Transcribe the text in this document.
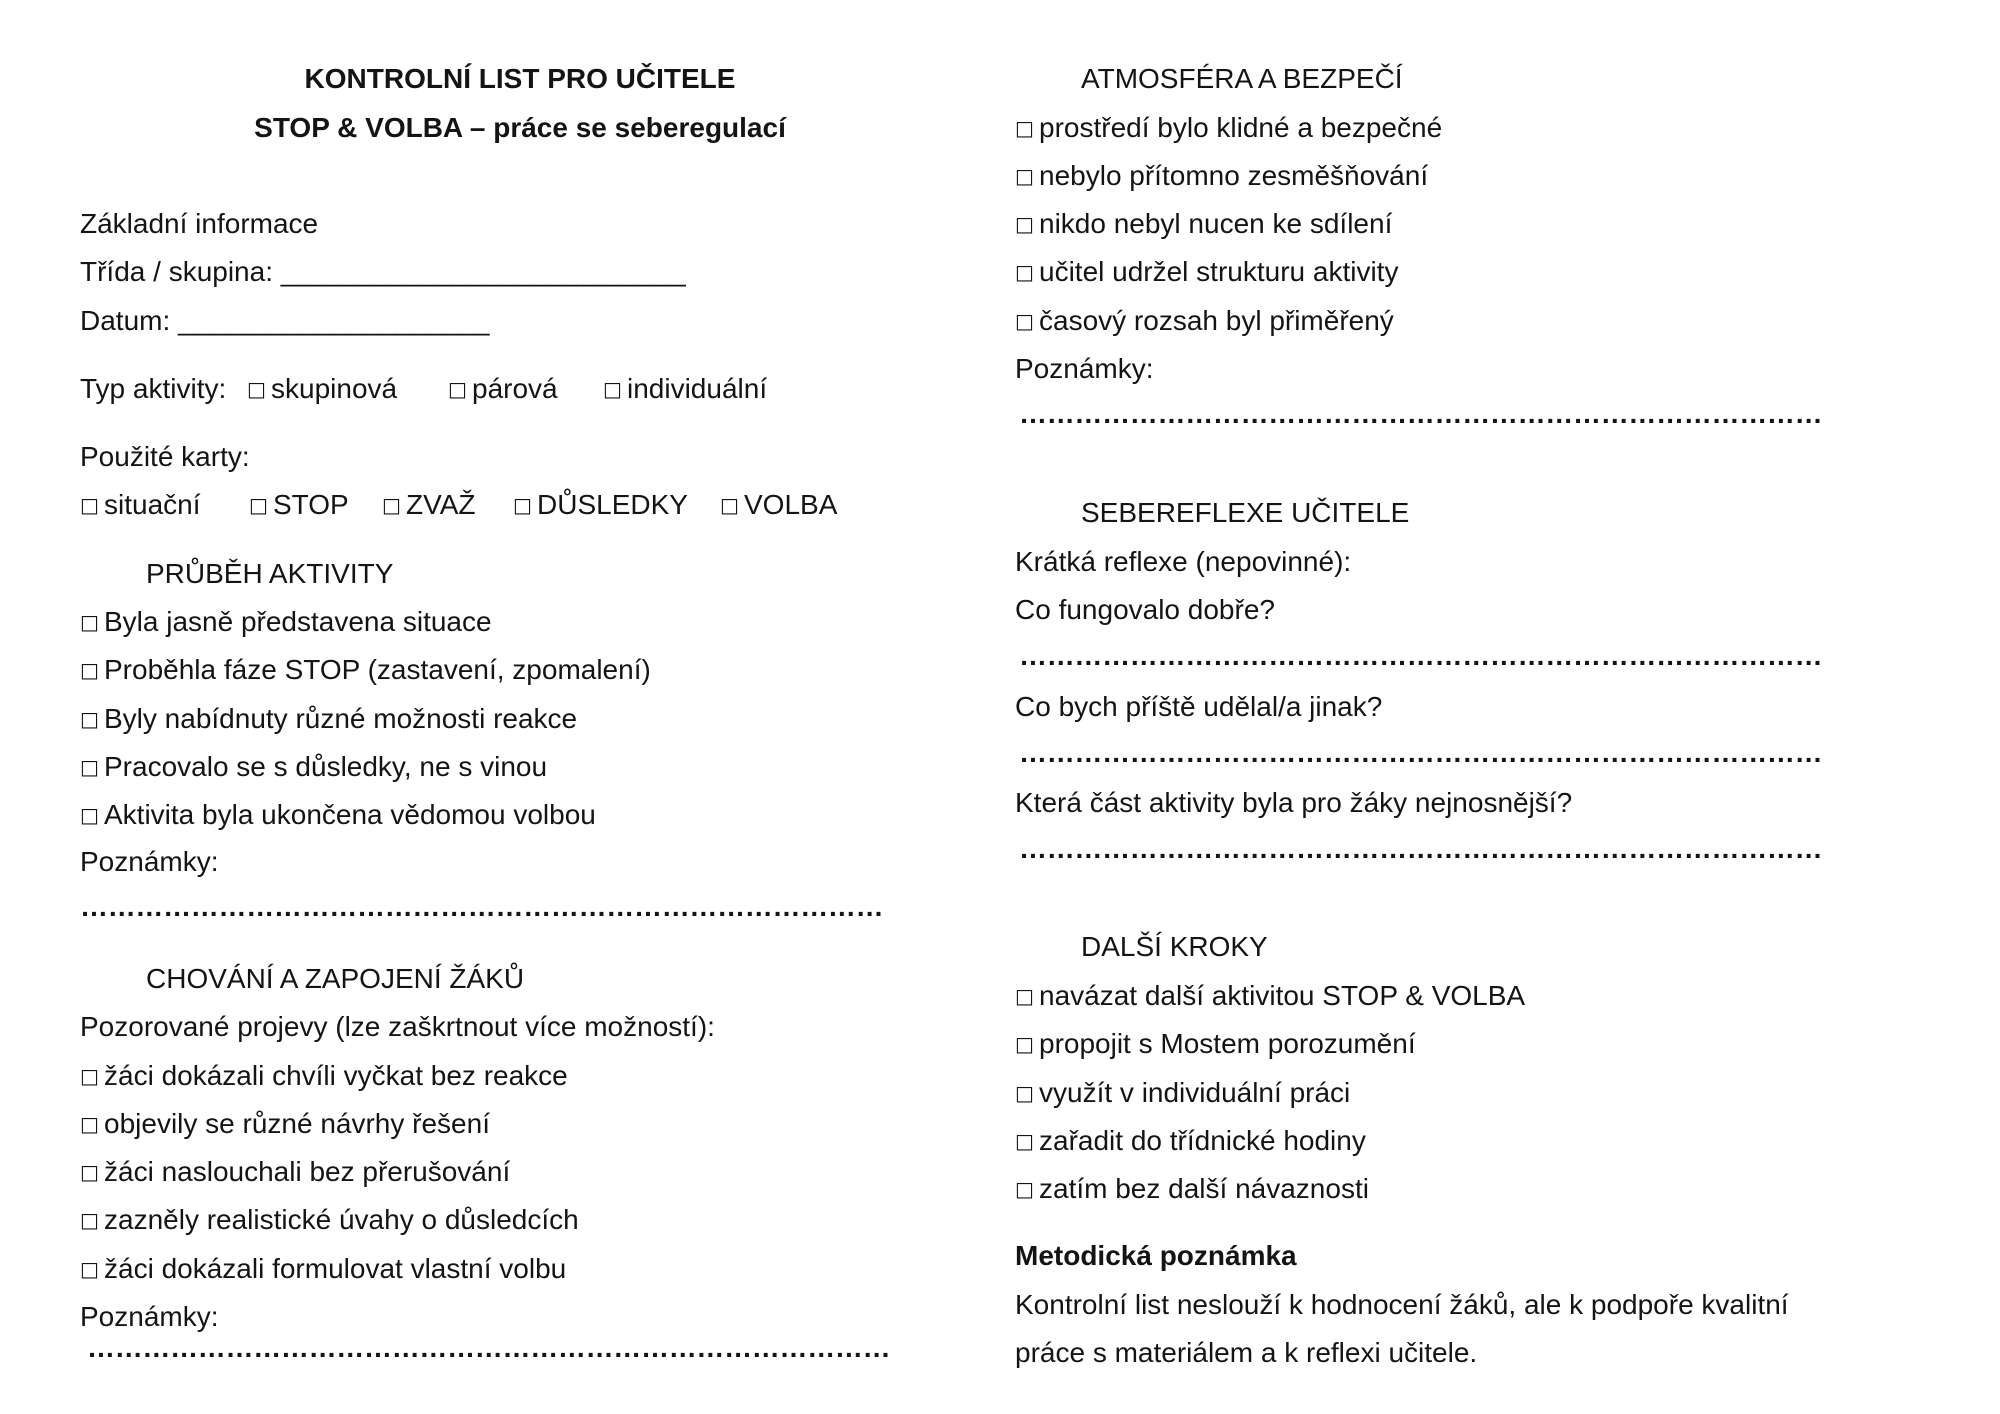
KONTROLNÍ LIST PRO UČITELE
STOP & VOLBA – práce se seberegulací
Základní informace
Třída / skupina: __________________________
Datum: ____________________
Typ aktivity: □ skupinová	□ párová □ individuální
Použité karty:
□ situační □ STOP □ ZVAŽ □ DŮSLEDKY □ VOLBA
PRŮBĚH AKTIVITY
□ Byla jasně představena situace
□ Proběhla fáze STOP (zastavení, zpomalení)
□ Byly nabídnuty různé možnosti reakce
□ Pracovalo se s důsledky, ne s vinou
□ Aktivita byla ukončena vědomou volbou
Poznámky:
……………………………………………………………………………
CHOVÁNÍ A ZAPOJENÍ ŽÁKŮ
Pozorované projevy (lze zaškrtnout více možností):
□ žáci dokázali chvíli vyčkat bez reakce
□ objevily se různé návrhy řešení
□ žáci naslouchali bez přerušování
□ zazněly realistické úvahy o důsledcích
□ žáci dokázali formulovat vlastní volbu
Poznámky:
……………………………………………………………………………
ATMOSFÉRA A BEZPEČÍ
□ prostředí bylo klidné a bezpečné
□ nebylo přítomno zesměšňování
□ nikdo nebyl nucen ke sdílení
□ učitel udržel strukturu aktivity
□ časový rozsah byl přiměřený
Poznámky:
……………………………………………………………………………
SEBEREFLEXE UČITELE
Krátká reflexe (nepovinné):
Co fungovalo dobře?
……………………………………………………………………………
Co bych příště udělal/a jinak?
……………………………………………………………………………
Která část aktivity byla pro žáky nejnosnější?
……………………………………………………………………………
DALŠÍ KROKY
□ navázat další aktivitou STOP & VOLBA
□ propojit s Mostem porozumění
□ využít v individuální práci
□ zařadit do třídnické hodiny
□ zatím bez další návaznosti
Metodická poznámka
Kontrolní list neslouží k hodnocení žáků, ale k podpoře kvalitní
práce s materiálem a k reflexi učitele.
